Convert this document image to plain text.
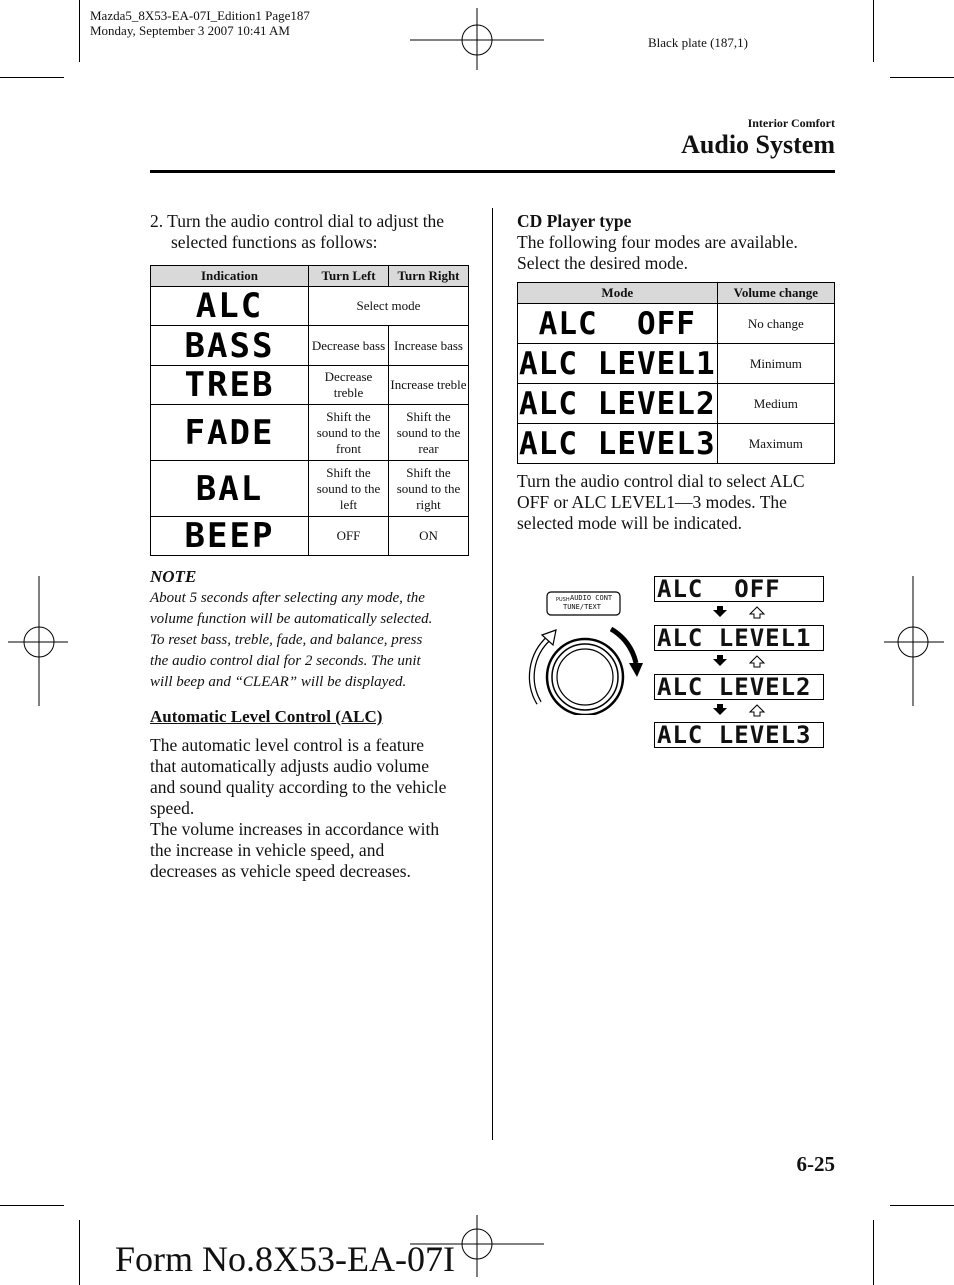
Mazda5_8X53-EA-07I_Edition1 Page187
Monday, September 3 2007 10:41 AM
Black plate (187,1)
Interior Comfort
Audio System
2. Turn the audio control dial to adjust the
selected functions as follows:
Indication	Turn Left	Turn Right

ALC	Select mode	

BASS	Decrease bass	Increase bass

TREB	Decrease treble	Increase treble

FADE	Shift the sound to the front	Shift the sound to the rear

BAL	Shift the sound to the left	Shift the sound to the right

BEEP	OFF	ON
NOTE
About 5 seconds after selecting any mode, the
volume function will be automatically selected.
To reset bass, treble, fade, and balance, press
the audio control dial for 2 seconds. The unit
will beep and “CLEAR” will be displayed.
Automatic Level Control (ALC)
The automatic level control is a feature
that automatically adjusts audio volume
and sound quality according to the vehicle
speed.
The volume increases in accordance with
the increase in vehicle speed, and
decreases as vehicle speed decreases.
CD Player type
The following four modes are available.
Select the desired mode.
Mode	Volume change

ALC  OFF	No change

ALC LEVEL1	Minimum

ALC LEVEL2	Medium

ALC LEVEL3	Maximum
Turn the audio control dial to select ALC
OFF or ALC LEVEL1―3 modes. The
selected mode will be indicated.
PUSH AUDIO CONT
TUNE/TEXT
ALC  OFF
ALC LEVEL1
ALC LEVEL2
ALC LEVEL3
6-25
Form No.8X53-EA-07I
